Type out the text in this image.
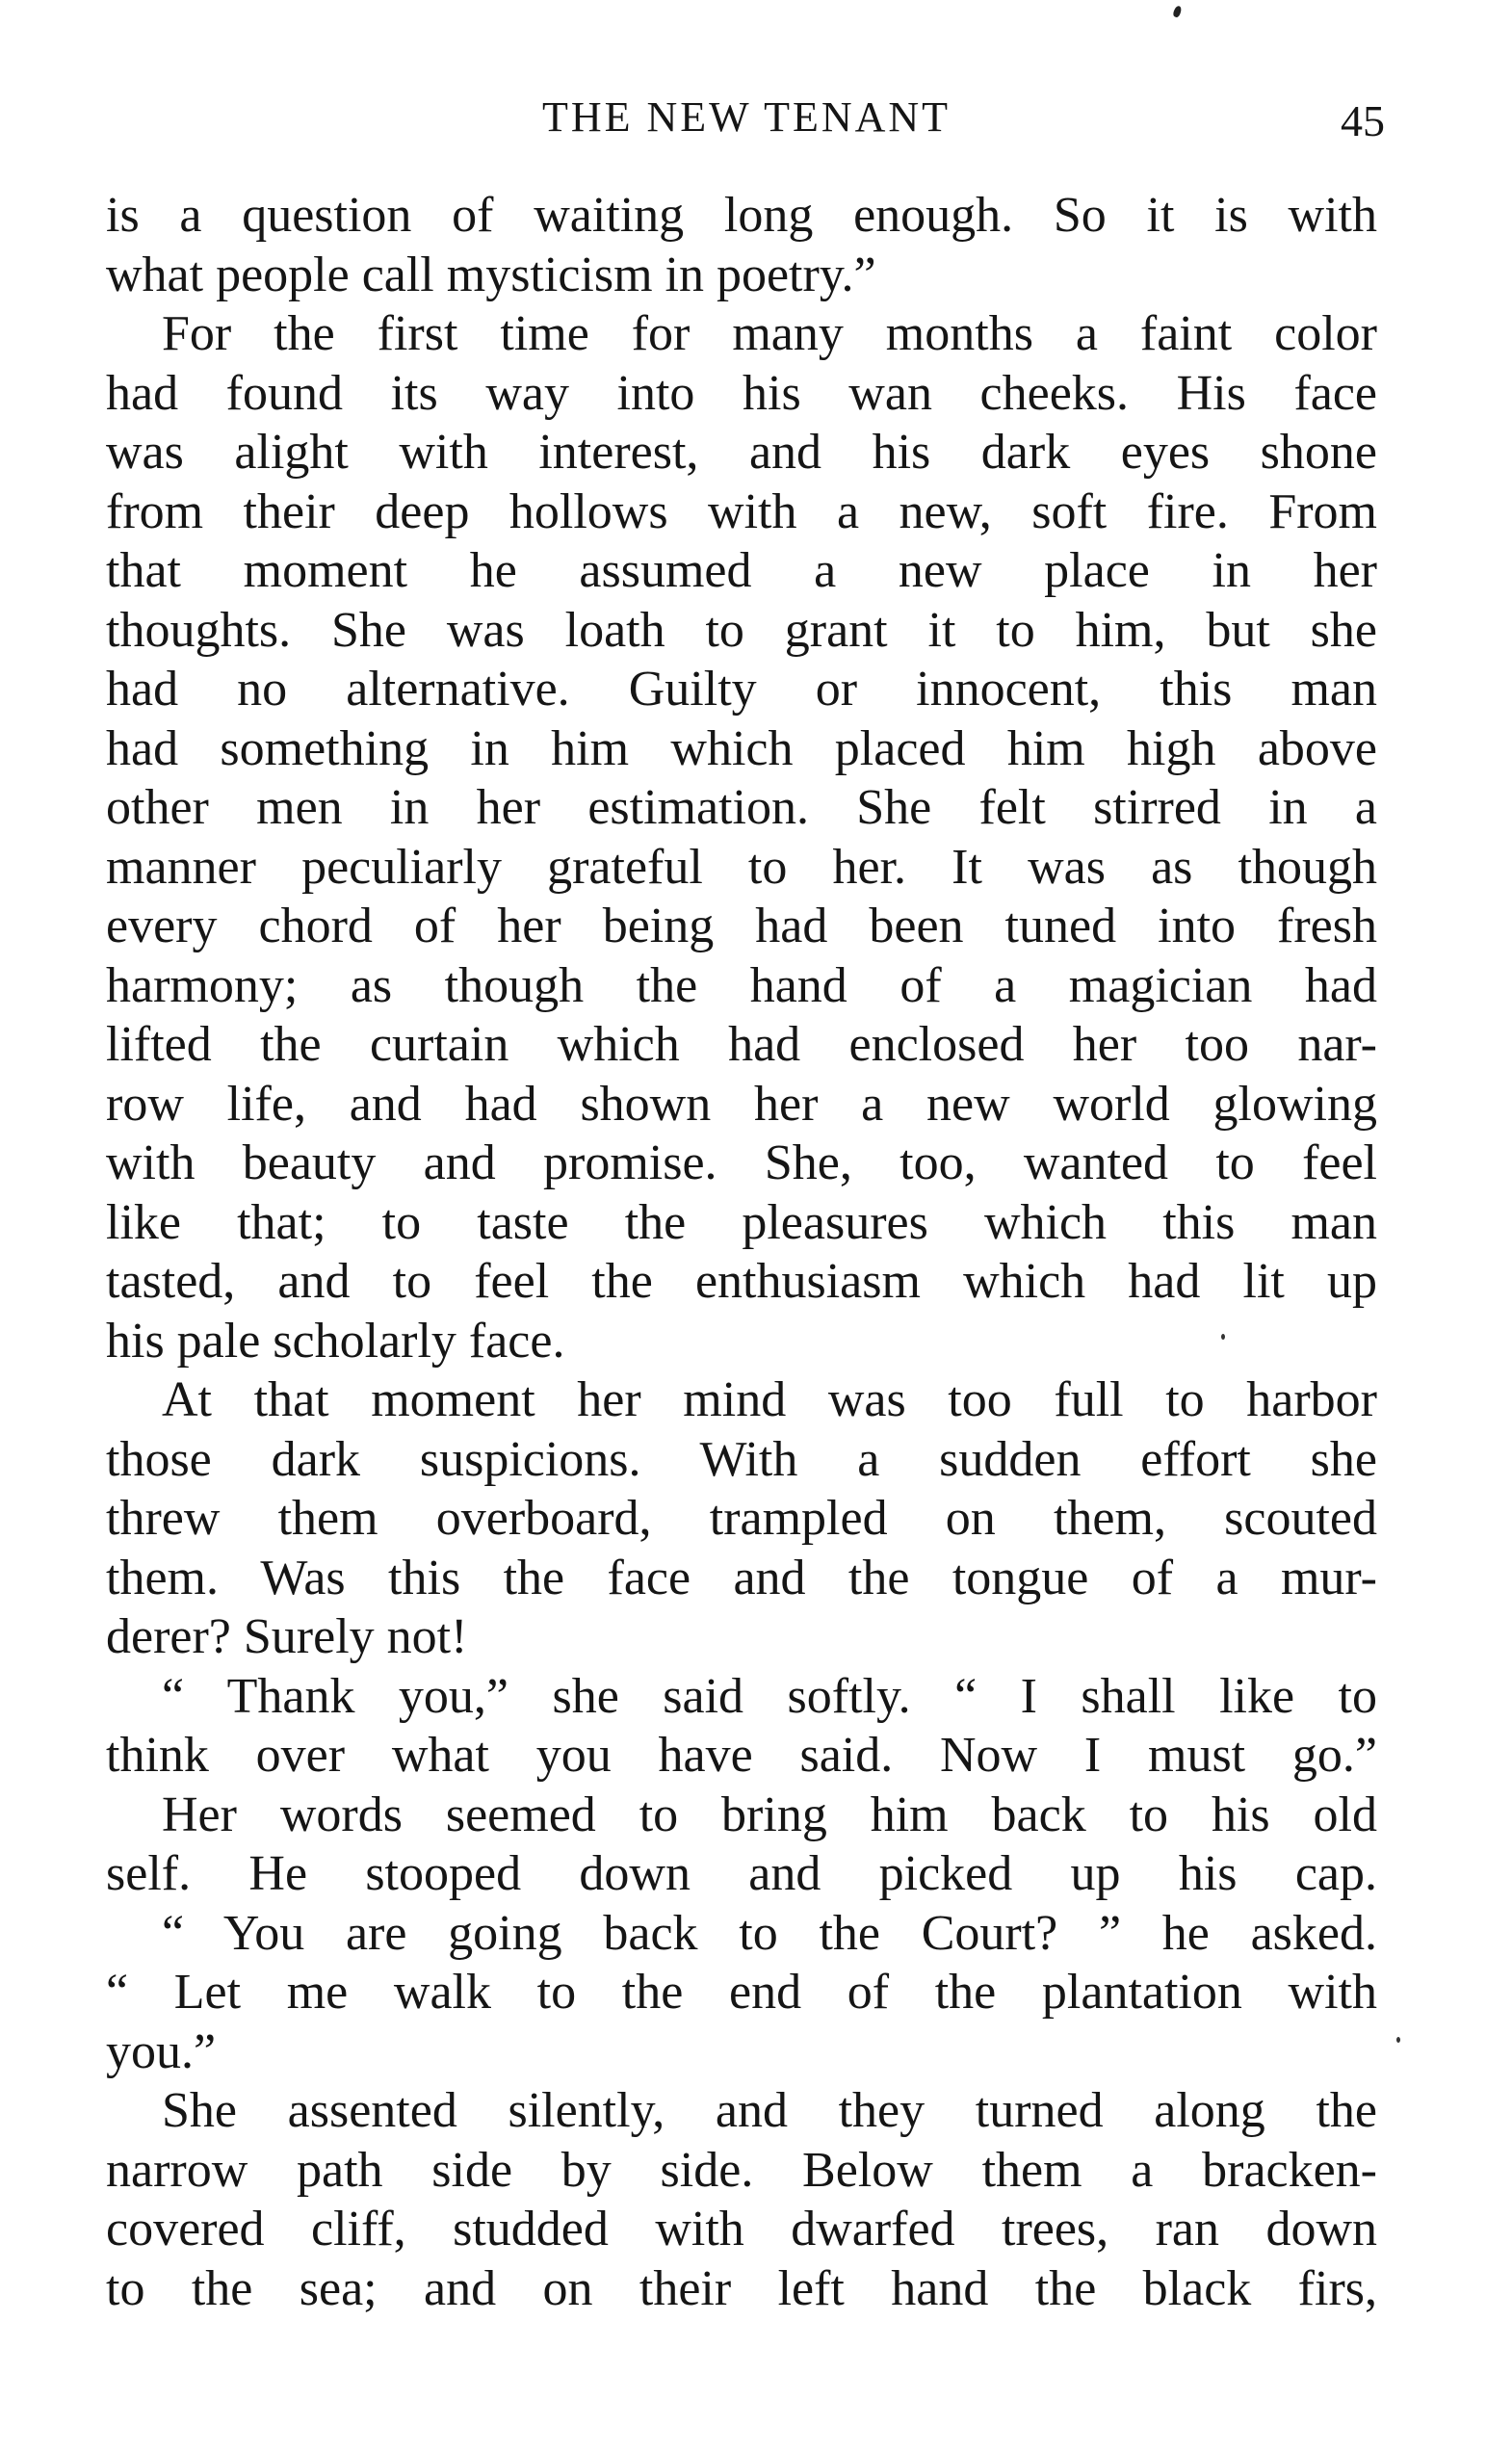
THE NEW TENANT	45
is a question of waiting long enough. So it is with
what people call mysticism in poetry.”
For the first time for many months a faint color
had found its way into his wan cheeks. His face
was alight with interest, and his dark eyes shone
from their deep hollows with a new, soft fire. From
that moment he assumed a new place in her
thoughts. She was loath to grant it to him, but she
had no alternative. Guilty or innocent, this man
had something in him which placed him high above
other men in her estimation. She felt stirred in a
manner peculiarly grateful to her. It was as though
every chord of her being had been tuned into fresh
harmony; as though the hand of a magician had
lifted the curtain which had enclosed her too nar-
row life, and had shown her a new world glowing
with beauty and promise. She, too, wanted to feel
like that; to taste the pleasures which this man
tasted, and to feel the enthusiasm which had lit up
his pale scholarly face.
At that moment her mind was too full to harbor
those dark suspicions. With a sudden effort she
threw them overboard, trampled on them, scouted
them. Was this the face and the tongue of a mur-
derer? Surely not!
“ Thank you,” she said softly. “ I shall like to
think over what you have said. Now I must go.”
Her words seemed to bring him back to his old
self. He stooped down and picked up his cap.
“ You are going back to the Court? ” he asked.
“ Let me walk to the end of the plantation with
you.”
She assented silently, and they turned along the
narrow path side by side. Below them a bracken-
covered cliff, studded with dwarfed trees, ran down
to the sea; and on their left hand the black firs,
